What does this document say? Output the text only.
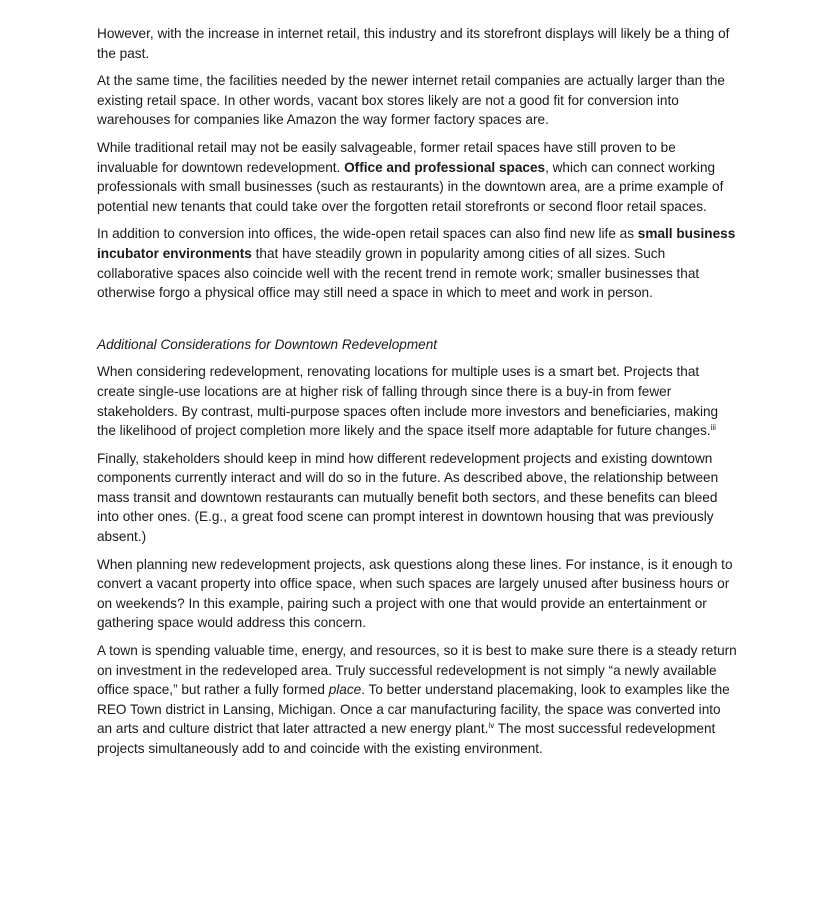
However, with the increase in internet retail, this industry and its storefront displays will likely be a thing of the past.

At the same time, the facilities needed by the newer internet retail companies are actually larger than the existing retail space. In other words, vacant box stores likely are not a good fit for conversion into warehouses for companies like Amazon the way former factory spaces are.

While traditional retail may not be easily salvageable, former retail spaces have still proven to be invaluable for downtown redevelopment. Office and professional spaces, which can connect working professionals with small businesses (such as restaurants) in the downtown area, are a prime example of potential new tenants that could take over the forgotten retail storefronts or second floor retail spaces.

In addition to conversion into offices, the wide-open retail spaces can also find new life as small business incubator environments that have steadily grown in popularity among cities of all sizes. Such collaborative spaces also coincide well with the recent trend in remote work; smaller businesses that otherwise forgo a physical office may still need a space in which to meet and work in person.

Additional Considerations for Downtown Redevelopment

When considering redevelopment, renovating locations for multiple uses is a smart bet. Projects that create single-use locations are at higher risk of falling through since there is a buy-in from fewer stakeholders. By contrast, multi-purpose spaces often include more investors and beneficiaries, making the likelihood of project completion more likely and the space itself more adaptable for future changes.$^{iii}$

Finally, stakeholders should keep in mind how different redevelopment projects and existing downtown components currently interact and will do so in the future. As described above, the relationship between mass transit and downtown restaurants can mutually benefit both sectors, and these benefits can bleed into other ones. (E.g., a great food scene can prompt interest in downtown housing that was previously absent.)

When planning new redevelopment projects, ask questions along these lines. For instance, is it enough to convert a vacant property into office space, when such spaces are largely unused after business hours or on weekends? In this example, pairing such a project with one that would provide an entertainment or gathering space would address this concern.

A town is spending valuable time, energy, and resources, so it is best to make sure there is a steady return on investment in the redeveloped area. Truly successful redevelopment is not simply “a newly available office space,” but rather a fully formed place. To better understand placemaking, look to examples like the REO Town district in Lansing, Michigan. Once a car manufacturing facility, the space was converted into an arts and culture district that later attracted a new energy plant.$^{iv}$ The most successful redevelopment projects simultaneously add to and coincide with the existing environment.
